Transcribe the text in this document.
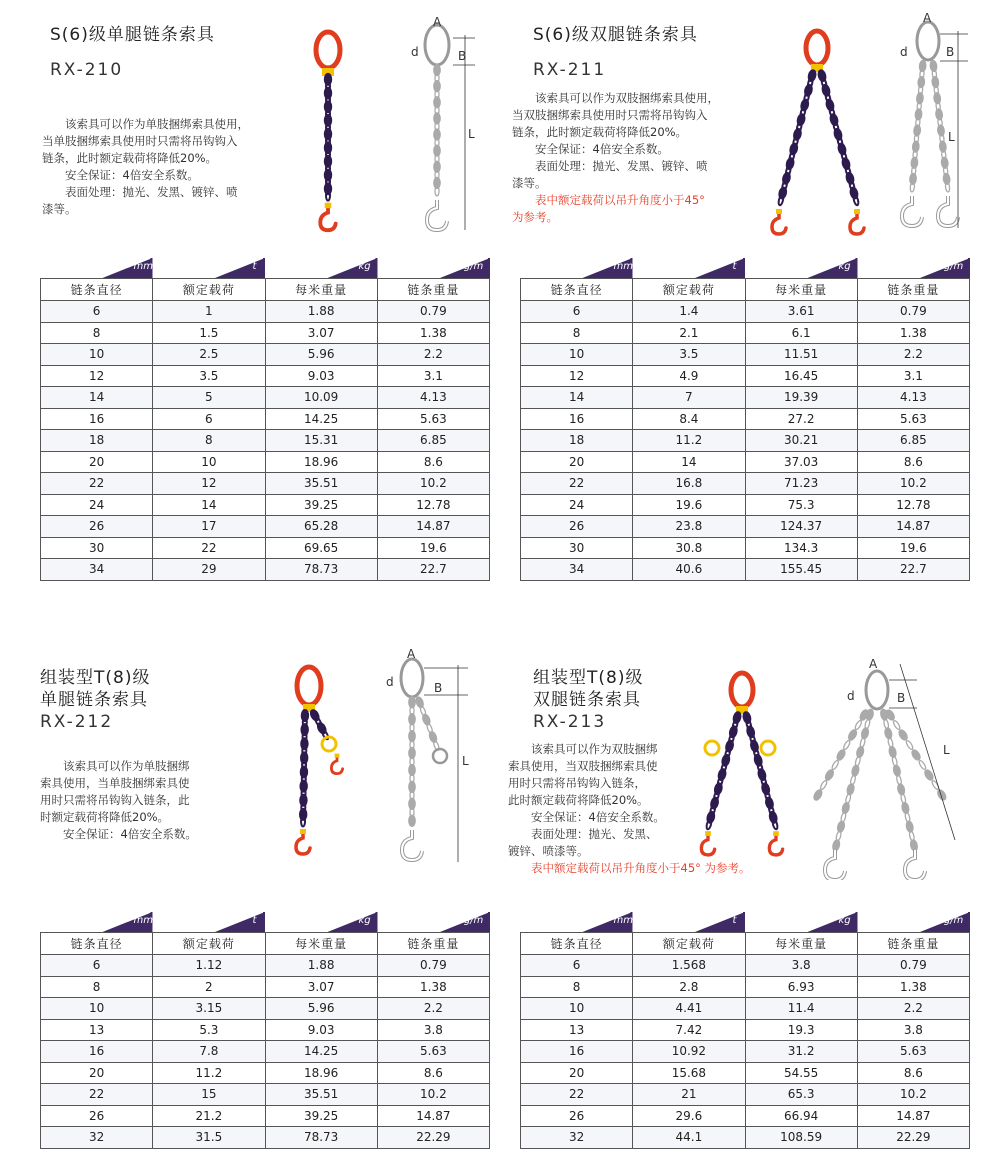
S(6)级单腿链条索具
RX-210

该索具可以作为单肢捆绑索具使用，

当单肢捆绑索具使用时只需将吊钩钩入

链条，此时额定载荷将降低20%。

安全保证：4倍安全系数。

表面处理：抛光、发黑、镀锌、喷

漆等。

A
d	B
L
mm	t	kg	kg/m
链条直径	额定载荷	每米重量	链条重量
6	1	1.88	0.79
8	1.5	3.07	1.38
10	2.5	5.96	2.2
12	3.5	9.03	3.1
14	5	10.09	4.13
16	6	14.25	5.63
18	8	15.31	6.85
20	10	18.96	8.6
22	12	35.51	10.2
24	14	39.25	12.78
26	17	65.28	14.87
30	22	69.65	19.6
34	29	78.73	22.7
S(6)级双腿链条索具
RX-211

该索具可以作为双肢捆绑索具使用，

当双肢捆绑索具使用时只需将吊钩钩入

链条，此时额定载荷将降低20%。

安全保证：4倍安全系数。

表面处理：抛光、发黑、镀锌、喷

漆等。

表中额定载荷以吊升角度小于45°

为参考。

A
d	B
L
mm	t	kg	kg/m
链条直径	额定载荷	每米重量	链条重量
6	1.4	3.61	0.79
8	2.1	6.1	1.38
10	3.5	11.51	2.2
12	4.9	16.45	3.1
14	7	19.39	4.13
16	8.4	27.2	5.63
18	11.2	30.21	6.85
20	14	37.03	8.6
22	16.8	71.23	10.2
24	19.6	75.3	12.78
26	23.8	124.37	14.87
30	30.8	134.3	19.6
34	40.6	155.45	22.7
组装型T(8)级
单腿链条索具
RX-212

该索具可以作为单肢捆绑

索具使用，当单肢捆绑索具使

用时只需将吊钩钩入链条，此

时额定载荷将降低20%。

安全保证：4倍安全系数。

A
d	B
L
mm	t	kg	kg/m
链条直径	额定载荷	每米重量	链条重量
6	1.12	1.88	0.79
8	2	3.07	1.38
10	3.15	5.96	2.2
13	5.3	9.03	3.8
16	7.8	14.25	5.63
20	11.2	18.96	8.6
22	15	35.51	10.2
26	21.2	39.25	14.87
32	31.5	78.73	22.29
组装型T(8)级
双腿链条索具
RX-213

该索具可以作为双肢捆绑

索具使用，当双肢捆绑索具使

用时只需将吊钩钩入链条，

此时额定载荷将降低20%。

安全保证：4倍安全系数。

表面处理：抛光、发黑、

镀锌、喷漆等。

表中额定载荷以吊升角度小于45° 为参考。

A
d	B
L
mm	t	kg	kg/m
链条直径	额定载荷	每米重量	链条重量
6	1.568	3.8	0.79
8	2.8	6.93	1.38
10	4.41	11.4	2.2
13	7.42	19.3	3.8
16	10.92	31.2	5.63
20	15.68	54.55	8.6
22	21	65.3	10.2
26	29.6	66.94	14.87
32	44.1	108.59	22.29
